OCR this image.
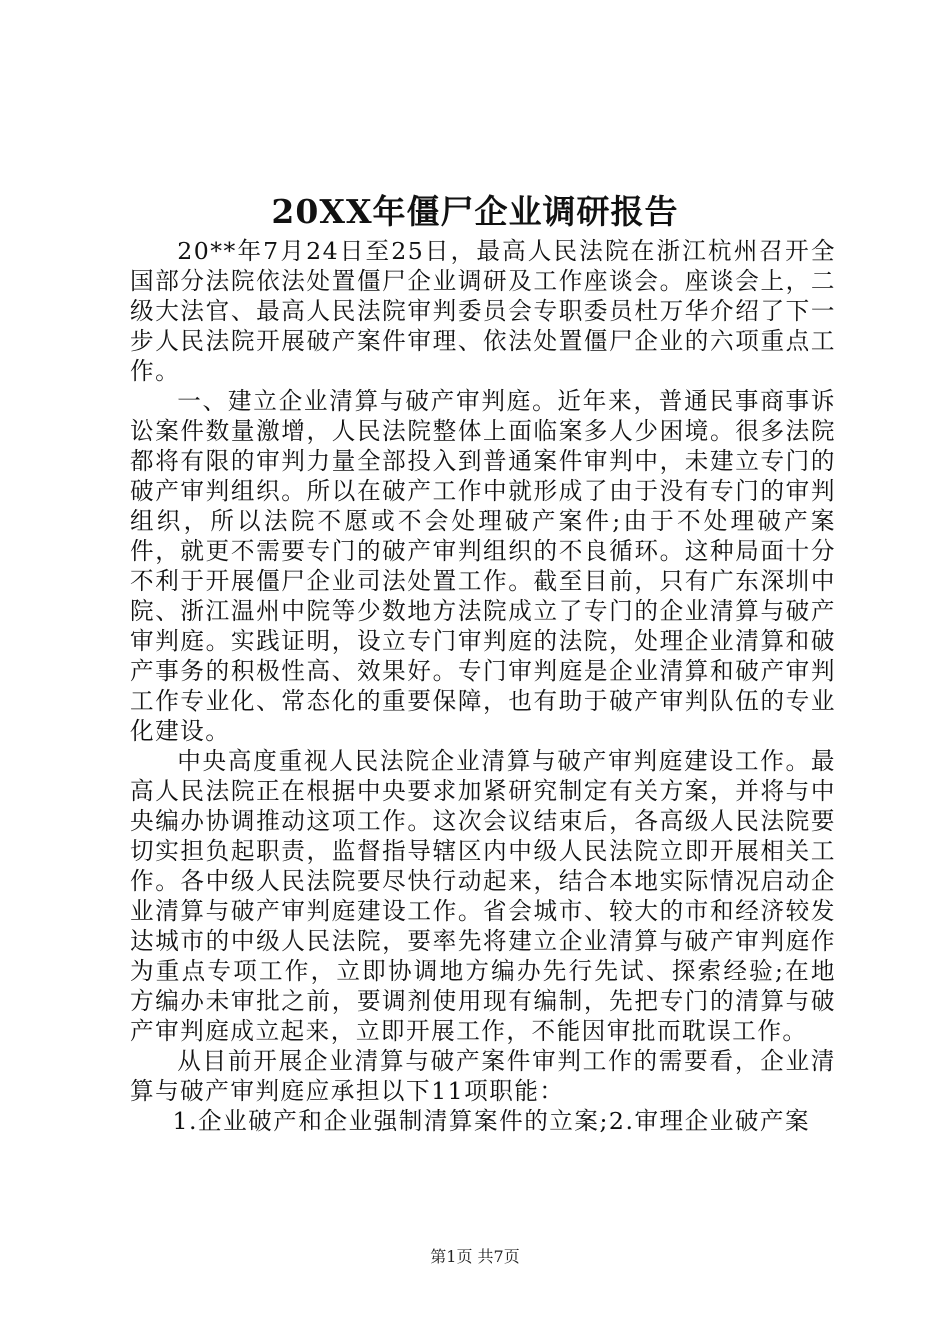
20XX年僵尸企业调研报告

20**年7月24日至25日，最高人民法院在浙江杭州召开全国部分法院依法处置僵尸企业调研及工作座谈会。座谈会上，二级大法官、最高人民法院审判委员会专职委员杜万华介绍了下一步人民法院开展破产案件审理、依法处置僵尸企业的六项重点工作。

一、建立企业清算与破产审判庭。近年来，普通民事商事诉讼案件数量激增，人民法院整体上面临案多人少困境。很多法院都将有限的审判力量全部投入到普通案件审判中，未建立专门的破产审判组织。所以在破产工作中就形成了由于没有专门的审判组织，所以法院不愿或不会处理破产案件;由于不处理破产案件，就更不需要专门的破产审判组织的不良循环。这种局面十分不利于开展僵尸企业司法处置工作。截至目前，只有广东深圳中院、浙江温州中院等少数地方法院成立了专门的企业清算与破产审判庭。实践证明，设立专门审判庭的法院，处理企业清算和破产事务的积极性高、效果好。专门审判庭是企业清算和破产审判工作专业化、常态化的重要保障，也有助于破产审判队伍的专业化建设。

中央高度重视人民法院企业清算与破产审判庭建设工作。最高人民法院正在根据中央要求加紧研究制定有关方案，并将与中央编办协调推动这项工作。这次会议结束后，各高级人民法院要切实担负起职责，监督指导辖区内中级人民法院立即开展相关工作。各中级人民法院要尽快行动起来，结合本地实际情况启动企业清算与破产审判庭建设工作。省会城市、较大的市和经济较发达城市的中级人民法院，要率先将建立企业清算与破产审判庭作为重点专项工作，立即协调地方编办先行先试、探索经验;在地方编办未审批之前，要调剂使用现有编制，先把专门的清算与破产审判庭成立起来，立即开展工作，不能因审批而耽误工作。

从目前开展企业清算与破产案件审判工作的需要看，企业清算与破产审判庭应承担以下11项职能：

1.企业破产和企业强制清算案件的立案;2.审理企业破产案

第1页 共7页
